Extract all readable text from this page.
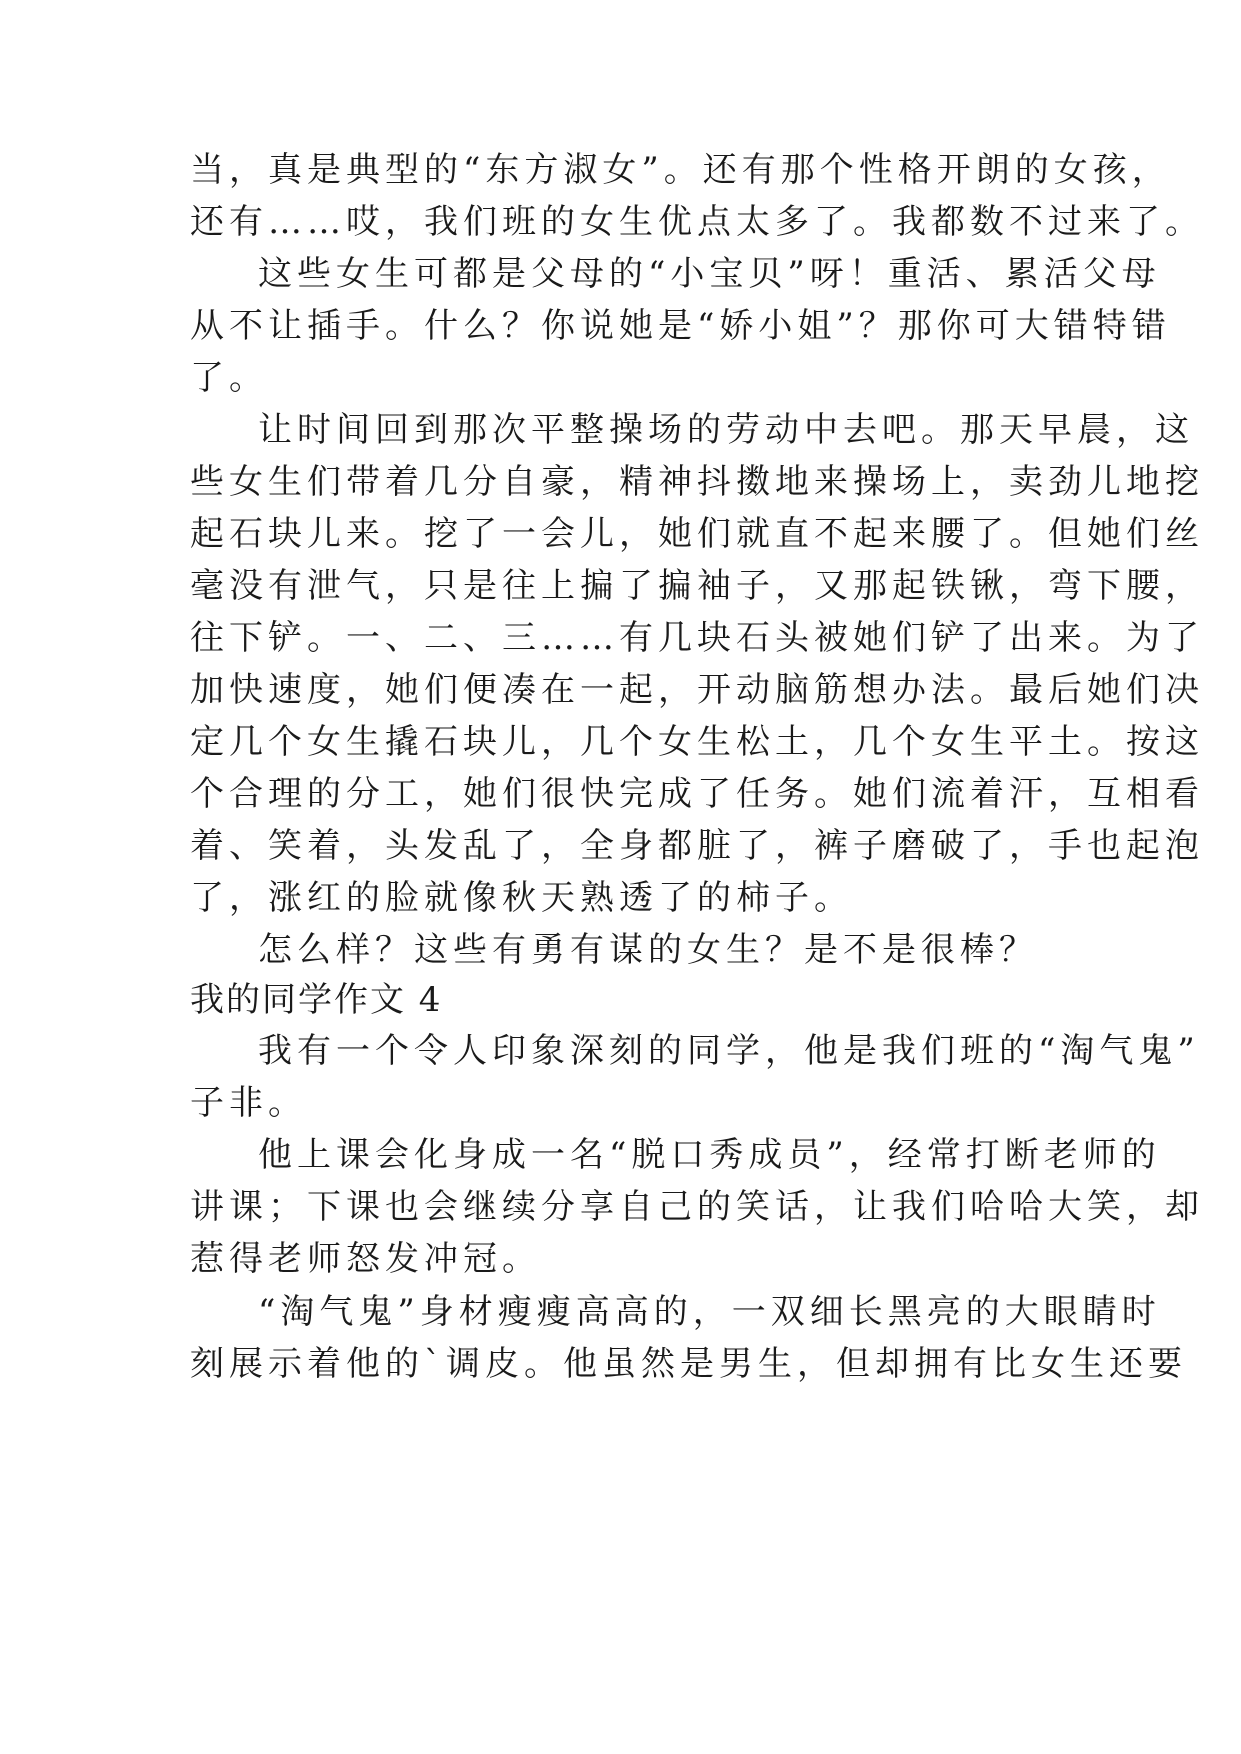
当，真是典型的“东方淑女”。还有那个性格开朗的女孩，
还有……哎，我们班的女生优点太多了。我都数不过来了。
这些女生可都是父母的“小宝贝”呀！重活、累活父母
从不让插手。什么？你说她是“娇小姐”？那你可大错特错
了。
让时间回到那次平整操场的劳动中去吧。那天早晨，这
些女生们带着几分自豪，精神抖擞地来操场上，卖劲儿地挖
起石块儿来。挖了一会儿，她们就直不起来腰了。但她们丝
毫没有泄气，只是往上揙了揙袖子，又那起铁锹，弯下腰，
往下铲。一、二、三……有几块石头被她们铲了出来。为了
加快速度，她们便凑在一起，开动脑筋想办法。最后她们决
定几个女生撬石块儿，几个女生松土，几个女生平土。按这
个合理的分工，她们很快完成了任务。她们流着汗，互相看
着、笑着，头发乱了，全身都脏了，裤子磨破了，手也起泡
了，涨红的脸就像秋天熟透了的柿子。
怎么样？这些有勇有谋的女生？是不是很棒？
我的同学作文 4
我有一个令人印象深刻的同学，他是我们班的“淘气鬼”
子非。
他上课会化身成一名“脱口秀成员”，经常打断老师的
讲课；下课也会继续分享自己的笑话，让我们哈哈大笑，却
惹得老师怒发冲冠。
“淘气鬼”身材瘦瘦高高的，一双细长黑亮的大眼睛时
刻展示着他的`调皮。他虽然是男生，但却拥有比女生还要
